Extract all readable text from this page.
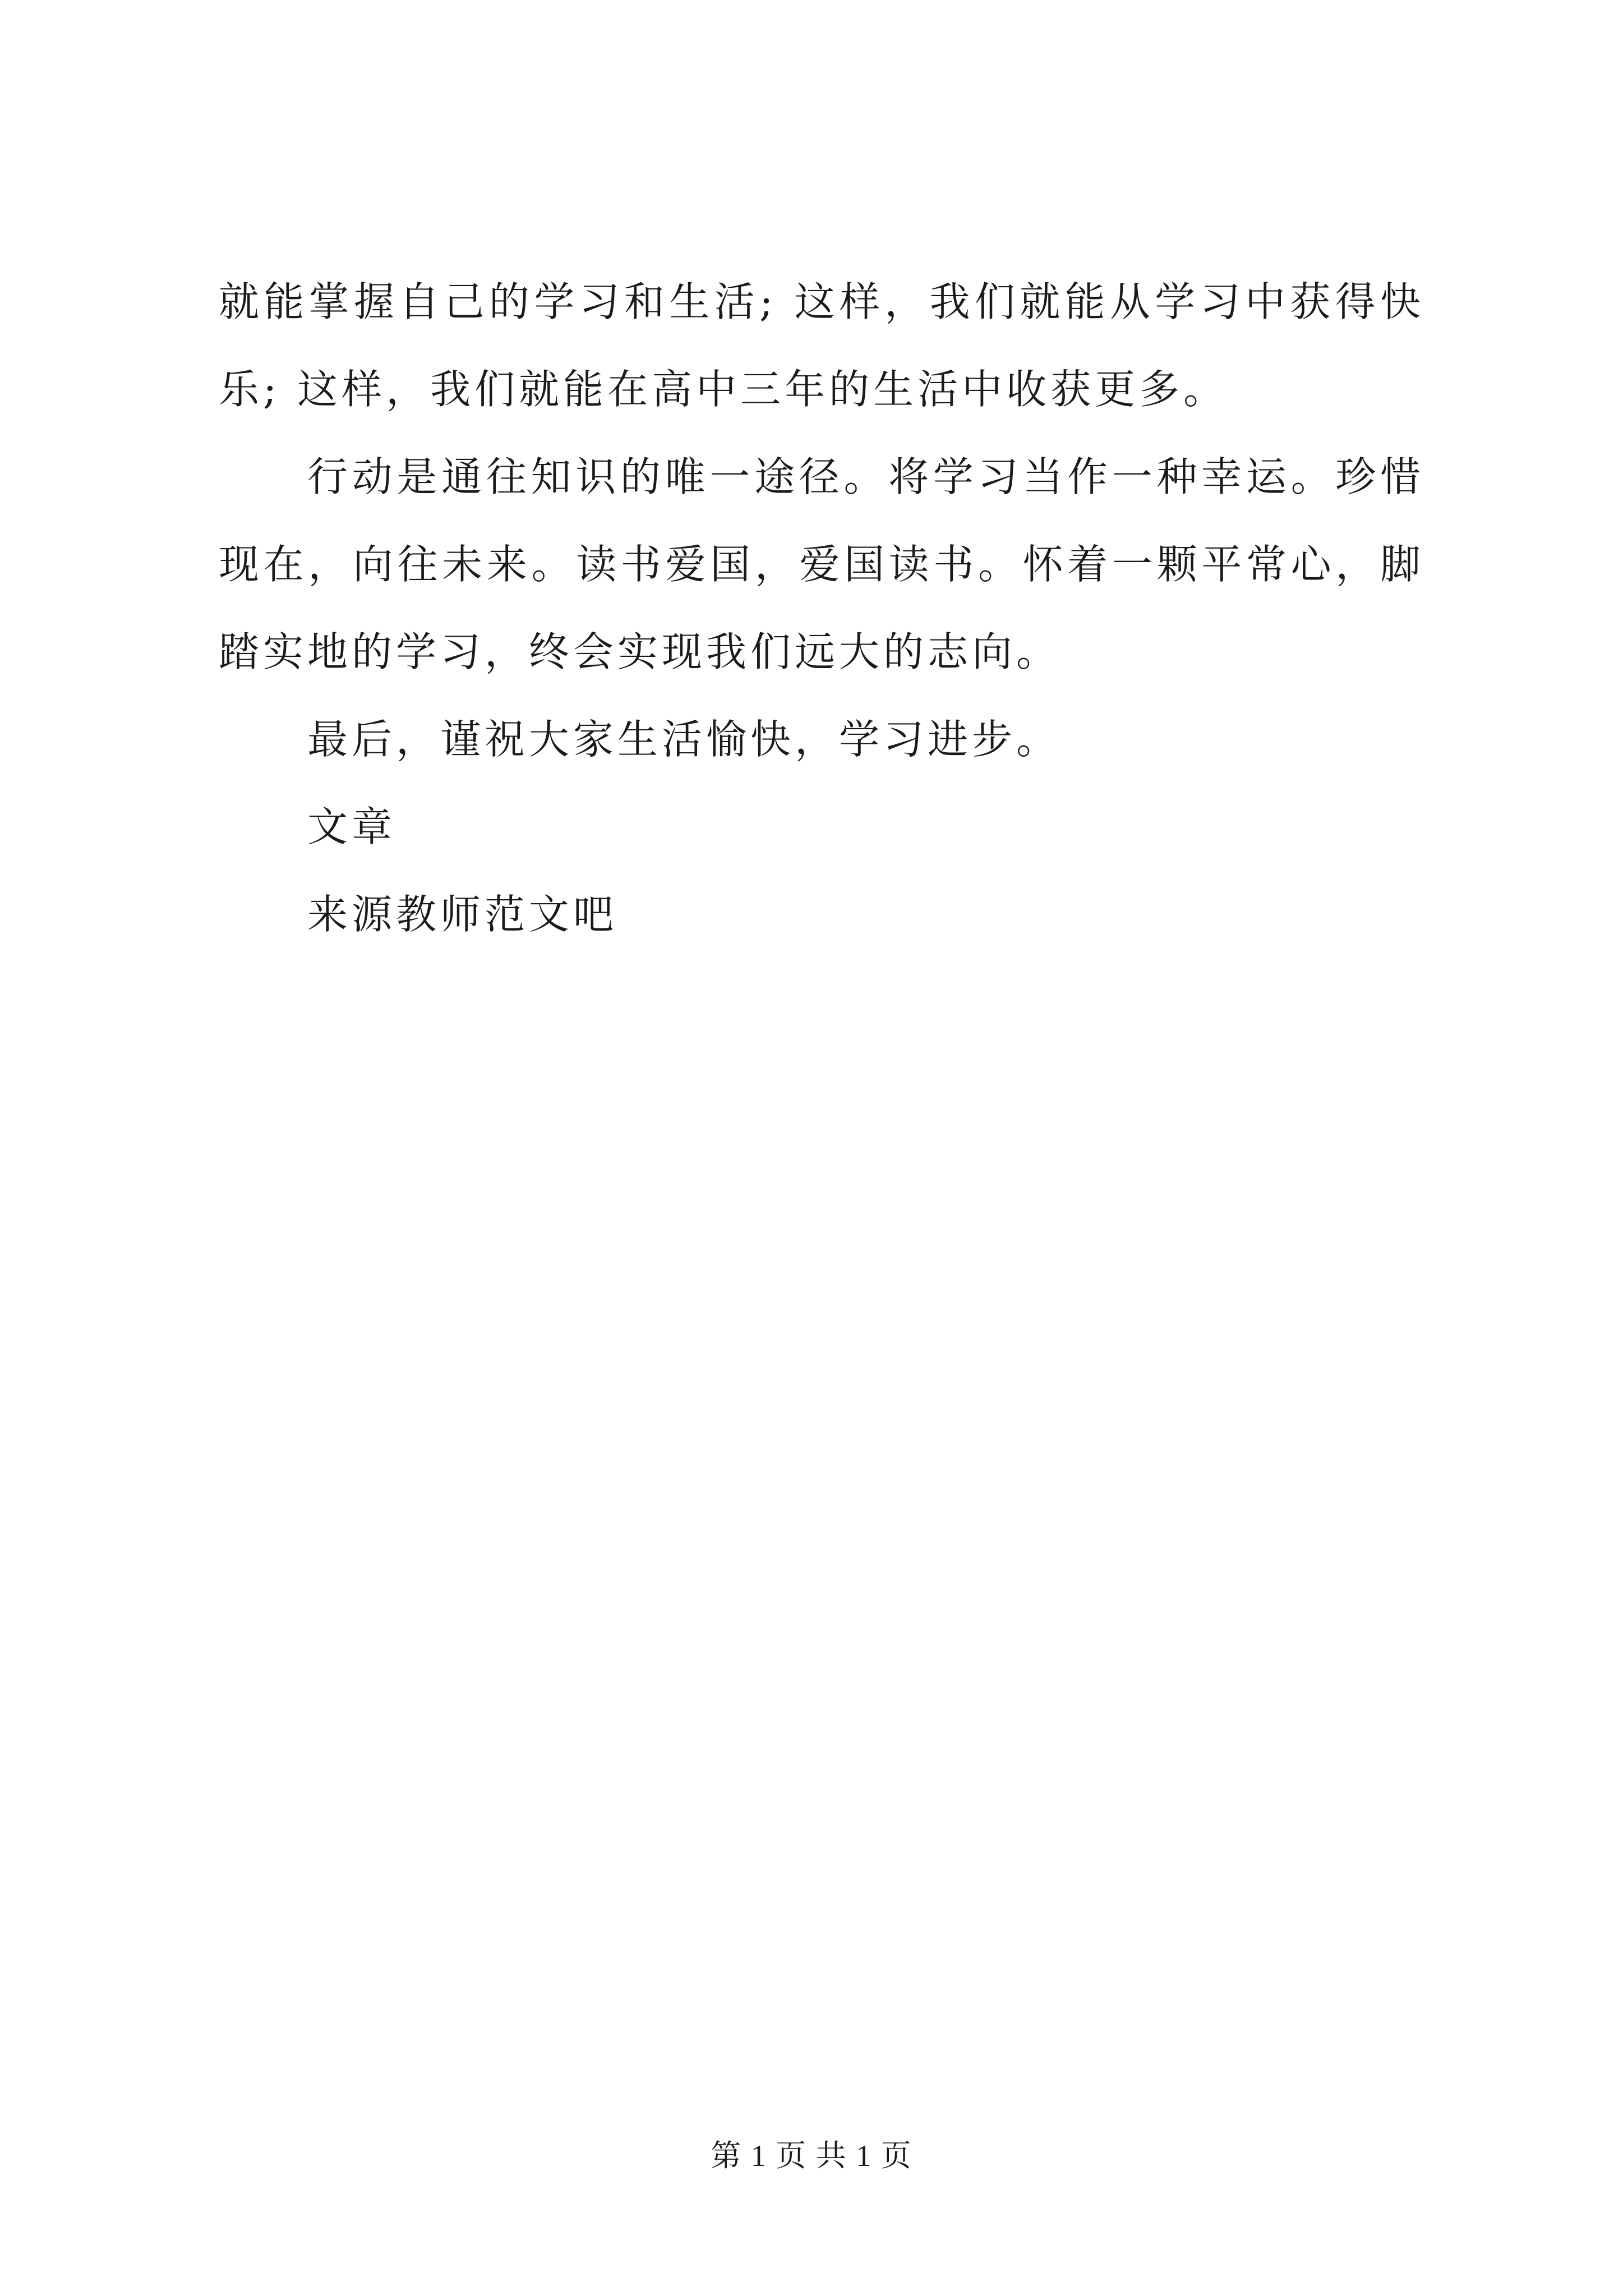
就能掌握自己的学习和生活; 这样，我们就能从学习中获得快乐; 这样，我们就能在高中三年的生活中收获更多。

行动是通往知识的唯一途径。将学习当作一种幸运。珍惜现在，向往未来。读书爱国，爱国读书。怀着一颗平常心，脚踏实地的学习，终会实现我们远大的志向。

最后，谨祝大家生活愉快，学习进步。

文章

来源教师范文吧

第 1 页 共 1 页
